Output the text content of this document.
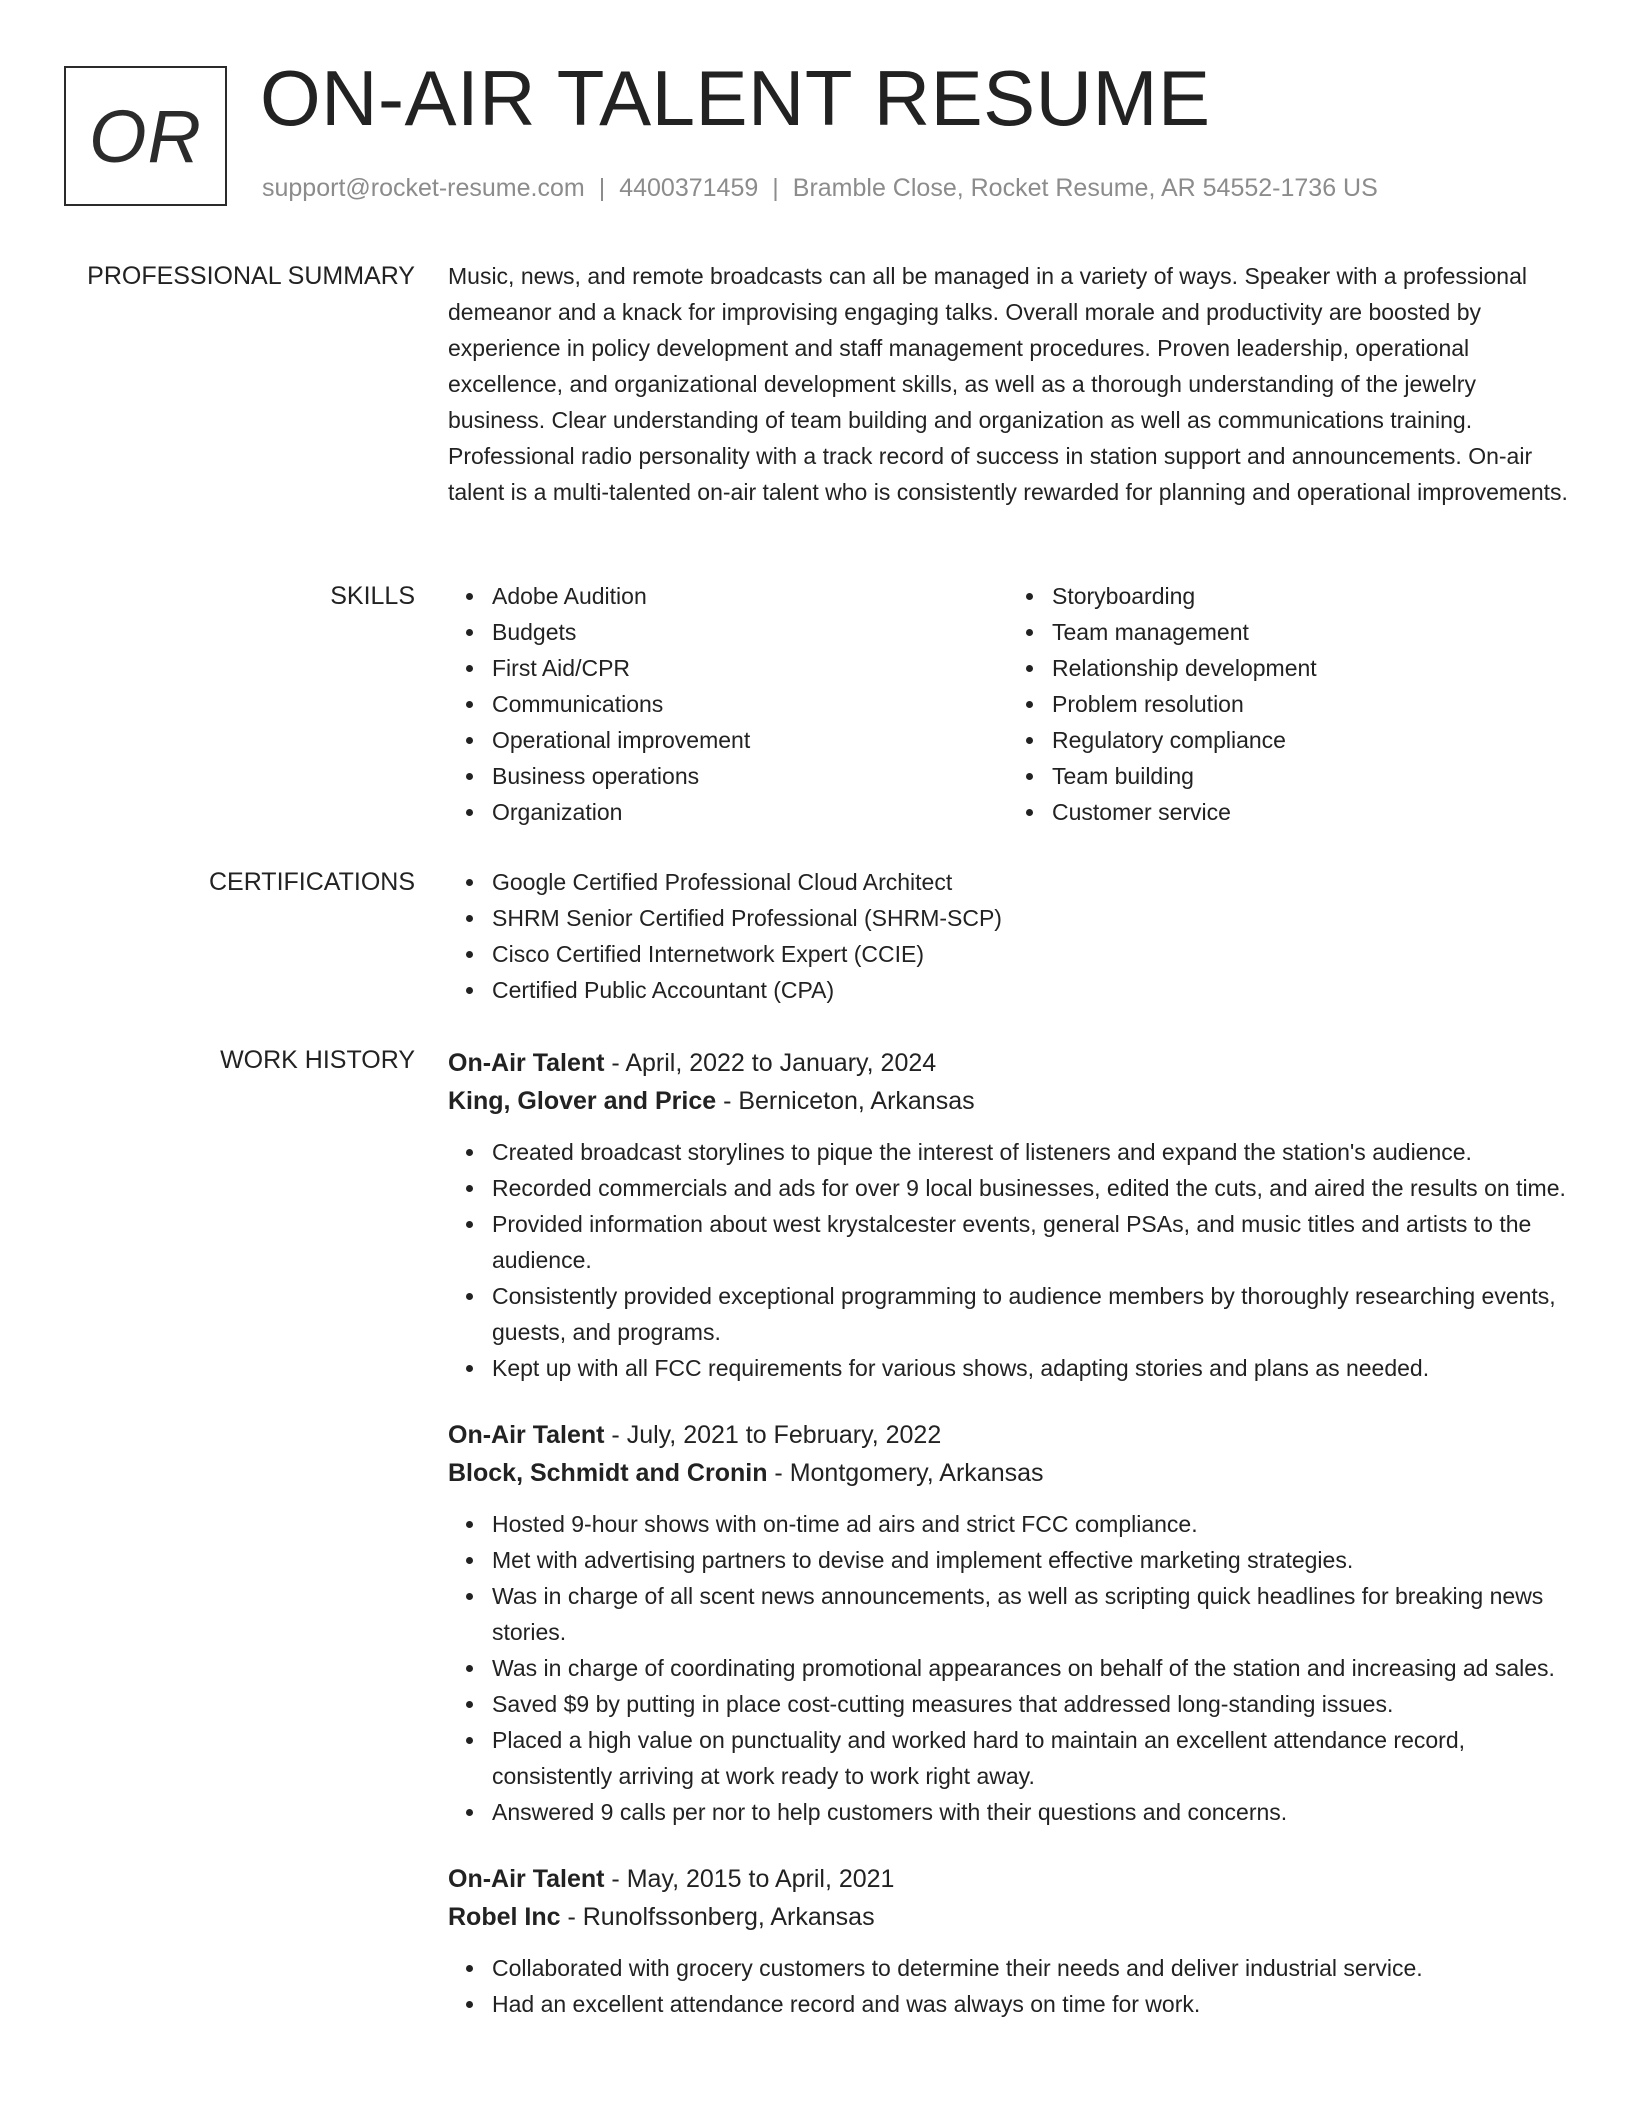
OR ON-AIR TALENT RESUME
support@rocket-resume.com | 4400371459 | Bramble Close, Rocket Resume, AR 54552-1736 US
PROFESSIONAL SUMMARY Music, news, and remote broadcasts can all be managed in a variety of ways. Speaker with a professional demeanor and a knack for improvising engaging talks. Overall morale and productivity are boosted by experience in policy development and staff management procedures. Proven leadership, operational excellence, and organizational development skills, as well as a thorough understanding of the jewelry business. Clear understanding of team building and organization as well as communications training. Professional radio personality with a track record of success in station support and announcements. On-air talent is a multi-talented on-air talent who is consistently rewarded for planning and operational improvements.
SKILLS	Adobe Audition
Budgets
First Aid/CPR
Communications
Operational improvement
Business operations
Organization
Storyboarding
Team management
Relationship development
Problem resolution
Regulatory compliance
Team building
Customer service
CERTIFICATIONS	Google Certified Professional Cloud Architect
SHRM Senior Certified Professional (SHRM-SCP)
Cisco Certified Internetwork Expert (CCIE)
Certified Public Accountant (CPA)
WORK HISTORY On-Air Talent - April, 2022 to January, 2024
King, Glover and Price - Berniceton, Arkansas
Created broadcast storylines to pique the interest of listeners and expand the station's audience.
Recorded commercials and ads for over 9 local businesses, edited the cuts, and aired the results on time.
Provided information about west krystalcester events, general PSAs, and music titles and artists to the audience.
Consistently provided exceptional programming to audience members by thoroughly researching events, guests, and programs.
Kept up with all FCC requirements for various shows, adapting stories and plans as needed.
On-Air Talent - July, 2021 to February, 2022
Block, Schmidt and Cronin - Montgomery, Arkansas
Hosted 9-hour shows with on-time ad airs and strict FCC compliance.
Met with advertising partners to devise and implement effective marketing strategies.
Was in charge of all scent news announcements, as well as scripting quick headlines for breaking news stories.
Was in charge of coordinating promotional appearances on behalf of the station and increasing ad sales.
Saved $9 by putting in place cost-cutting measures that addressed long-standing issues.
Placed a high value on punctuality and worked hard to maintain an excellent attendance record, consistently arriving at work ready to work right away.
Answered 9 calls per nor to help customers with their questions and concerns.
On-Air Talent - May, 2015 to April, 2021
Robel Inc - Runolfssonberg, Arkansas
Collaborated with grocery customers to determine their needs and deliver industrial service.
Had an excellent attendance record and was always on time for work.
